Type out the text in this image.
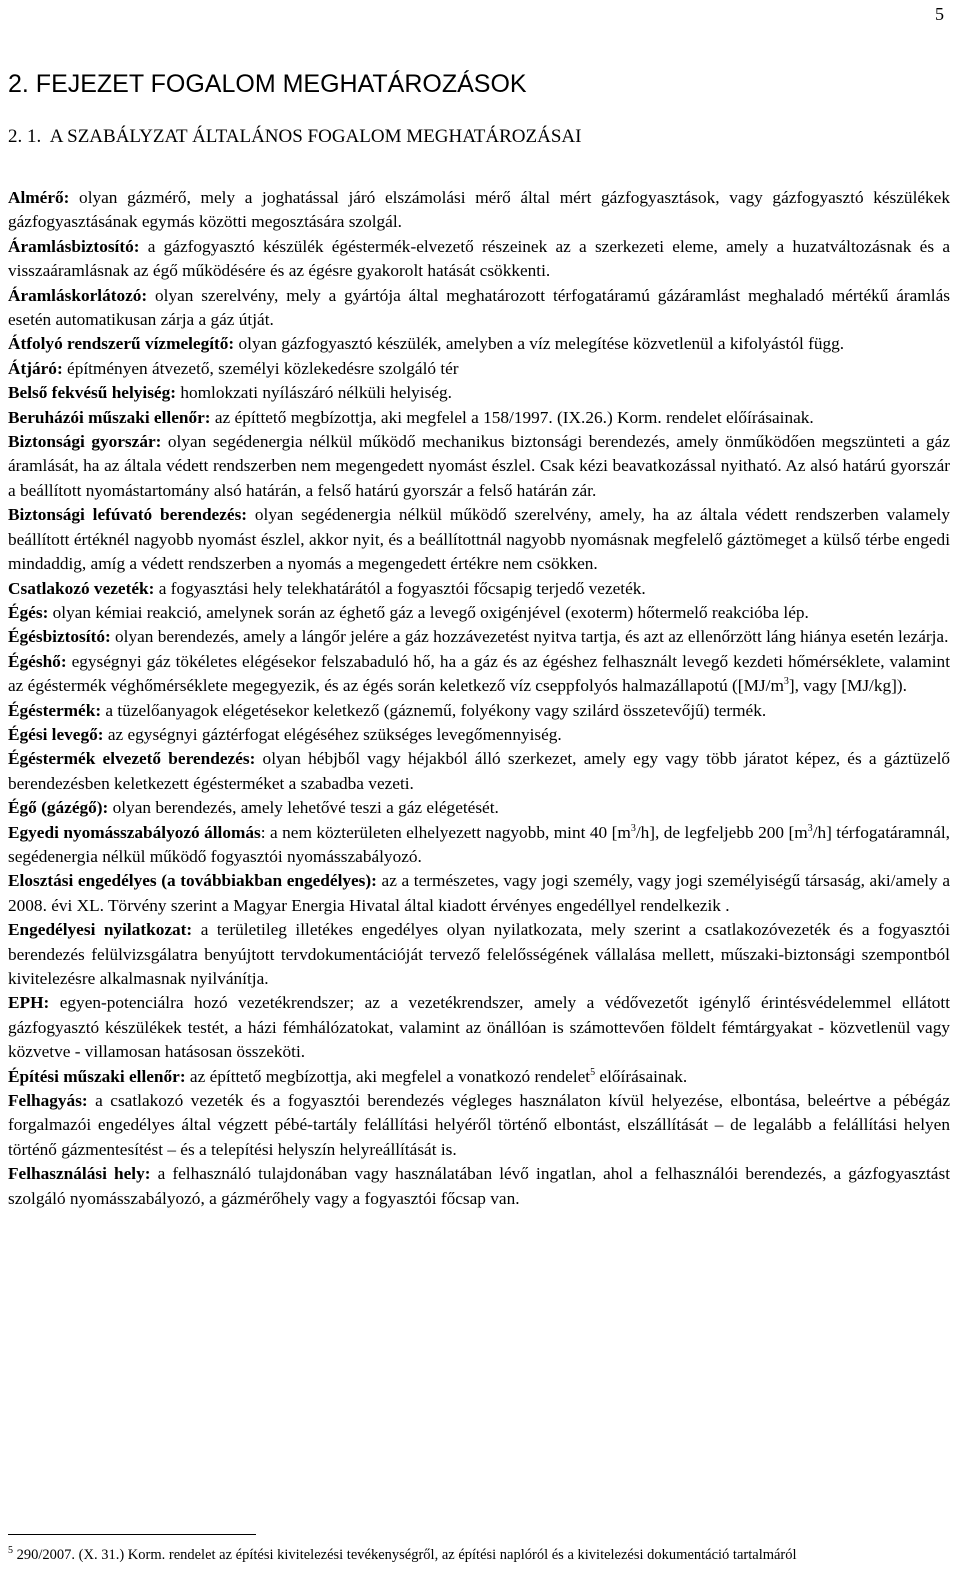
5
2. FEJEZET FOGALOM MEGHATÁROZÁSOK
2. 1.  A SZABÁLYZAT ÁLTALÁNOS FOGALOM MEGHATÁROZÁSAI

Almérő: olyan gázmérő, mely a joghatással járó elszámolási mérő által mért gázfogyasztások, vagy gázfogyasztó készülékek gázfogyasztásának egymás közötti megosztására szolgál.

Áramlásbiztosító: a gázfogyasztó készülék égéstermék-elvezető részeinek az a szerkezeti eleme, amely a huzatváltozásnak és a visszaáramlásnak az égő működésére és az égésre gyakorolt hatását csökkenti.

Áramláskorlátozó: olyan szerelvény, mely a gyártója által meghatározott térfogatáramú gázáramlást meghaladó mértékű áramlás esetén automatikusan zárja a gáz útját.

Átfolyó rendszerű vízmelegítő: olyan gázfogyasztó készülék, amelyben a víz melegítése közvetlenül a kifolyástól függ.

Átjáró: építményen átvezető, személyi közlekedésre szolgáló tér

Belső fekvésű helyiség: homlokzati nyílászáró nélküli helyiség.

Beruházói műszaki ellenőr: az építtető megbízottja, aki megfelel a 158/1997. (IX.26.) Korm. rendelet előírásainak.

Biztonsági gyorszár: olyan segédenergia nélkül működő mechanikus biztonsági berendezés, amely önműködően megszünteti a gáz áramlását, ha az általa védett rendszerben nem megengedett nyomást észlel. Csak kézi beavatkozással nyitható. Az alsó határú gyorszár a beállított nyomástartomány alsó határán, a felső határú gyorszár a felső határán zár.

Biztonsági lefúvató berendezés: olyan segédenergia nélkül működő szerelvény, amely, ha az általa védett rendszerben valamely beállított értéknél nagyobb nyomást észlel, akkor nyit, és a beállítottnál nagyobb nyomásnak megfelelő gáztömeget a külső térbe engedi mindaddig, amíg a védett rendszerben a nyomás a megengedett értékre nem csökken.

Csatlakozó vezeték: a fogyasztási hely telekhatárától a fogyasztói főcsapig terjedő vezeték.

Égés: olyan kémiai reakció, amelynek során az éghető gáz a levegő oxigénjével (exoterm) hőtermelő reakcióba lép.

Égésbiztosító: olyan berendezés, amely a lángőr jelére a gáz hozzávezetést nyitva tartja, és azt az ellenőrzött láng hiánya esetén lezárja.

Égéshő: egységnyi gáz tökéletes elégésekor felszabaduló hő, ha a gáz és az égéshez felhasznált levegő kezdeti hőmérséklete, valamint az égéstermék véghőmérséklete megegyezik, és az égés során keletkező víz cseppfolyós halmazállapotú ($[MJ/m^3]$, vagy [MJ/kg]).

Égéstermék: a tüzelőanyagok elégetésekor keletkező (gáznemű, folyékony vagy szilárd összetevőjű) termék.

Égési levegő: az egységnyi gáztérfogat elégéséhez szükséges levegőmennyiség.

Égéstermék elvezető berendezés: olyan hébjből vagy héjakból álló szerkezet, amely egy vagy több járatot képez, és a gáztüzelő berendezésben keletkezett égésterméket a szabadba vezeti.

Égő (gázégő): olyan berendezés, amely lehetővé teszi a gáz elégetését.

Egyedi nyomásszabályozó állomás: a nem közterületen elhelyezett nagyobb, mint 40 $[m^3/h]$, de legfeljebb 200 $[m^3/h]$ térfogatáramnál, segédenergia nélkül működő fogyasztói nyomásszabályozó.

Elosztási engedélyes (a továbbiakban engedélyes): az a természetes, vagy jogi személy, vagy jogi személyiségű társaság, aki/amely a 2008. évi XL. Törvény szerint a Magyar Energia Hivatal által kiadott érvényes engedéllyel rendelkezik .

Engedélyesi nyilatkozat: a területileg illetékes engedélyes olyan nyilatkozata, mely szerint a csatlakozóvezeték és a fogyasztói berendezés felülvizsgálatra benyújtott tervdokumentációját tervező felelősségének vállalása mellett, műszaki-biztonsági szempontból kivitelezésre alkalmasnak nyilvánítja.

EPH: egyen-potenciálra hozó vezetékrendszer; az a vezetékrendszer, amely a védővezetőt igénylő érintésvédelemmel ellátott gázfogyasztó készülékek testét, a házi fémhálózatokat, valamint az önállóan is számottevően földelt fémtárgyakat - közvetlenül vagy közvetve - villamosan hatásosan összeköti.

Építési műszaki ellenőr: az építtető megbízottja, aki megfelel a vonatkozó rendelet$^5$ előírásainak.

Felhagyás: a csatlakozó vezeték és a fogyasztói berendezés végleges használaton kívül helyezése, elbontása, beleértve a pébégáz forgalmazói engedélyes által végzett pébé-tartály felállítási helyéről történő elbontást, elszállítását – de legalább a felállítási helyen történő gázmentesítést – és a telepítési helyszín helyreállítását is.

Felhasználási hely: a felhasználó tulajdonában vagy használatában lévő ingatlan, ahol a felhasználói berendezés, a gázfogyasztást szolgáló nyomásszabályozó, a gázmérőhely vagy a fogyasztói főcsap van.

$^5$ 290/2007. (X. 31.) Korm. rendelet az építési kivitelezési tevékenységről, az építési naplóról és a kivitelezési dokumentáció tartalmáról
